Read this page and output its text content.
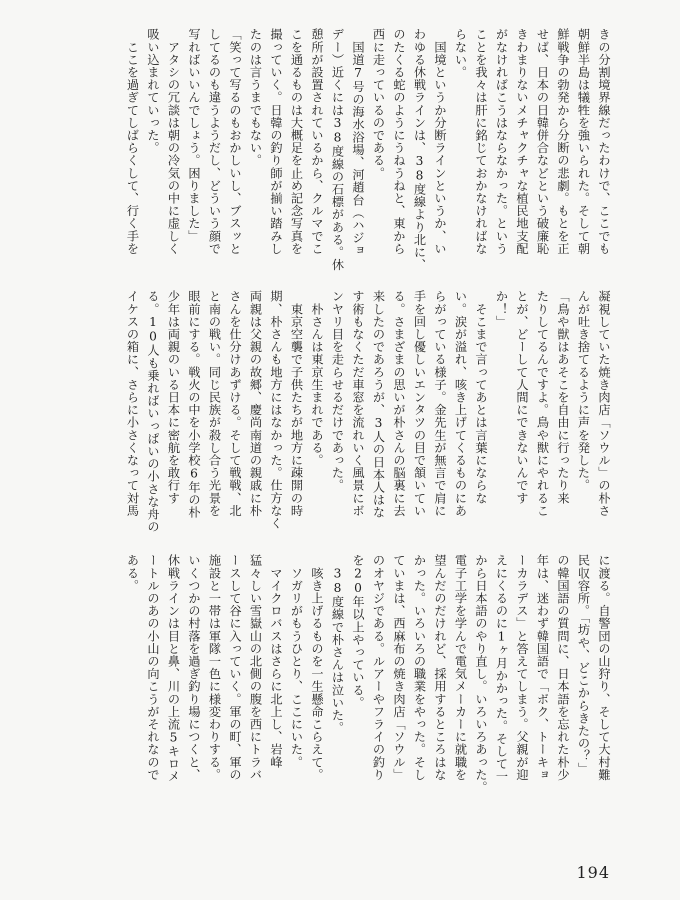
きの分割境界線だったわけで、ここでも
朝鮮半島は犠牲を強いられた。そして朝
鮮戦争の勃発から分断の悲劇。もとを正
せば、日本の日韓併合などという破廉恥
きわまりないメチャクチャな植民地支配
がなければこうはならなかった。という
ことを我々は肝に銘じておかなければな
らない。
　国境というか分断ラインというか、い
わゆる休戦ラインは、38度線より北に、
のたくる蛇のようにうねうねと、東から
西に走っているのである。
　国道7号の海水浴場、河趙台（ハジョ
デー）近くには38度線の石標がある。休
憩所が設置されているから、クルマでこ
こを通るものは大概足を止め記念写真を
撮っていく。日韓の釣り師が揃い踏みし
たのは言うまでもない。
「笑って写るのもおかしいし、ブスッと
してるのも違うようだし、どういう顔で
写ればいいんでしょう。困りました」
　アタシの冗談は朝の冷気の中に虚しく
吸い込まれていった。
　ここを過ぎてしばらくして、行く手を
凝視していた焼き肉店「ソウル」の朴さ
んが吐き捨てるように声を発した。
「鳥や獣はあそこを自由に行ったり来
たりしてるんですよ。鳥や獣にやれるこ
とが、どーして人間にできないんです
か！」
　そこまで言ってあとは言葉にならな
い。涙が溢れ、咳き上げてくるものにあ
らがっている様子。金先生が無言で肩に
手を回し優しいエンタツの目で頷いてい
る。さまざまの思いが朴さんの脳裏に去
来したのであろうが、3人の日本人はな
す術もなくただ車窓を流れいく風景にボ
ンヤリ目を走らせるだけであった。
　朴さんは東京生まれである。
　東京空襲で子供たちが地方に疎開の時
期、朴さんも地方にはなかった。仕方なく
両親は父親の故郷、慶尚南道の親戚に朴
さんを仕分けあずける。そして戦戦、北
と南の戦い。同じ民族が殺し合う光景を
眼前にする。戦火の中を小学校6年の朴
少年は両親のいる日本に密航を敢行す
る。10人も乗ればいっぱいの小さな舟の
イケスの箱に、さらに小さくなって対馬
に渡る。自警団の山狩り、そして大村難
民収容所。「坊や、どこからきたの？」
の韓国語の質問に、日本語を忘れた朴少
年は、迷わず韓国語で「ボク、トーキョ
ーカラデス」と答えてしまう。父親が迎
えにくるのに1ヶ月かかった。そして一
から日本語のやり直し。いろいろあった。
電子工学を学んで電気メーカーに就職を
望んだのだけれど、採用するところはな
かった。いろいろの職業をやった。そし
ていまは、西麻布の焼き肉店「ソウル」
のオヤジである。ルアーやフライの釣り
を20年以上やっている。
　38度線で朴さんは泣いた。
　咳き上げるものを一生懸命こらえて。
　ソガリがもうひとり、ここにいた。
　マイクロバスはさらに北上し、岩峰
猛々しい雪嶽山の北側の腹を西にトラバ
ースして谷に入っていく。軍の町、軍の
施設と一帯は軍隊一色に様変わりする。
いくつかの村落を過ぎ釣り場につくと、
休戦ラインは目と鼻、川の上流5キロメ
ートルのあの小山の向こうがそれなので
ある。
194
